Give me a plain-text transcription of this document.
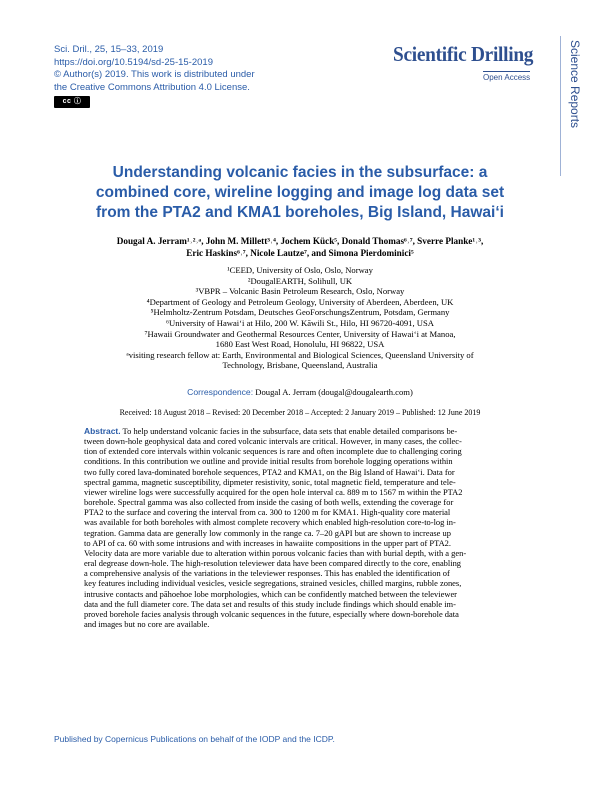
Sci. Dril., 25, 15–33, 2019
https://doi.org/10.5194/sd-25-15-2019
© Author(s) 2019. This work is distributed under
the Creative Commons Attribution 4.0 License.
cc ⓘ
Scientific Drilling
Open Access	Science Reports
Understanding volcanic facies in the subsurface: a
combined core, wireline logging and image log data set
from the PTA2 and KMA1 boreholes, Big Island, Hawaiʻi
Dougal A. Jerram¹˒²˒ᵃ, John M. Millett³˒⁴, Jochem Kück⁵, Donald Thomas⁶˒⁷, Sverre Planke¹˒³,
Eric Haskins⁶˒⁷, Nicole Lautze⁷, and Simona Pierdominici⁵
¹CEED, University of Oslo, Oslo, Norway
²DougalEARTH, Solihull, UK
³VBPR – Volcanic Basin Petroleum Research, Oslo, Norway
⁴Department of Geology and Petroleum Geology, University of Aberdeen, Aberdeen, UK
⁵Helmholtz-Zentrum Potsdam, Deutsches GeoForschungsZentrum, Potsdam, Germany
⁶University of Hawaiʻi at Hilo, 200 W. Kāwili St., Hilo, HI 96720-4091, USA
⁷Hawaii Groundwater and Geothermal Resources Center, University of Hawaiʻi at Manoa,
1680 East West Road, Honolulu, HI 96822, USA
ᵃvisiting research fellow at: Earth, Environmental and Biological Sciences, Queensland University of
Technology, Brisbane, Queensland, Australia
Correspondence: Dougal A. Jerram (dougal@dougalearth.com)
Received: 18 August 2018 – Revised: 20 December 2018 – Accepted: 2 January 2019 – Published: 12 June 2019
Abstract. To help understand volcanic facies in the subsurface, data sets that enable detailed comparisons be-
tween down-hole geophysical data and cored volcanic intervals are critical. However, in many cases, the collec-
tion of extended core intervals within volcanic sequences is rare and often incomplete due to challenging coring
conditions. In this contribution we outline and provide initial results from borehole logging operations within
two fully cored lava-dominated borehole sequences, PTA2 and KMA1, on the Big Island of Hawaiʻi. Data for
spectral gamma, magnetic susceptibility, dipmeter resistivity, sonic, total magnetic field, temperature and tele-
viewer wireline logs were successfully acquired for the open hole interval ca. 889 m to 1567 m within the PTA2
borehole. Spectral gamma was also collected from inside the casing of both wells, extending the coverage for
PTA2 to the surface and covering the interval from ca. 300 to 1200 m for KMA1. High-quality core material
was available for both boreholes with almost complete recovery which enabled high-resolution core-to-log in-
tegration. Gamma data are generally low commonly in the range ca. 7–20 gAPI but are shown to increase up
to API of ca. 60 with some intrusions and with increases in hawaiite compositions in the upper part of PTA2.
Velocity data are more variable due to alteration within porous volcanic facies than with burial depth, with a gen-
eral degrease down-hole. The high-resolution televiewer data have been compared directly to the core, enabling
a comprehensive analysis of the variations in the televiewer responses. This has enabled the identification of
key features including individual vesicles, vesicle segregations, strained vesicles, chilled margins, rubble zones,
intrusive contacts and pāhoehoe lobe morphologies, which can be confidently matched between the televiewer
data and the full diameter core. The data set and results of this study include findings which should enable im-
proved borehole facies analysis through volcanic sequences in the future, especially where down-borehole data
and images but no core are available.
Published by Copernicus Publications on behalf of the IODP and the ICDP.
